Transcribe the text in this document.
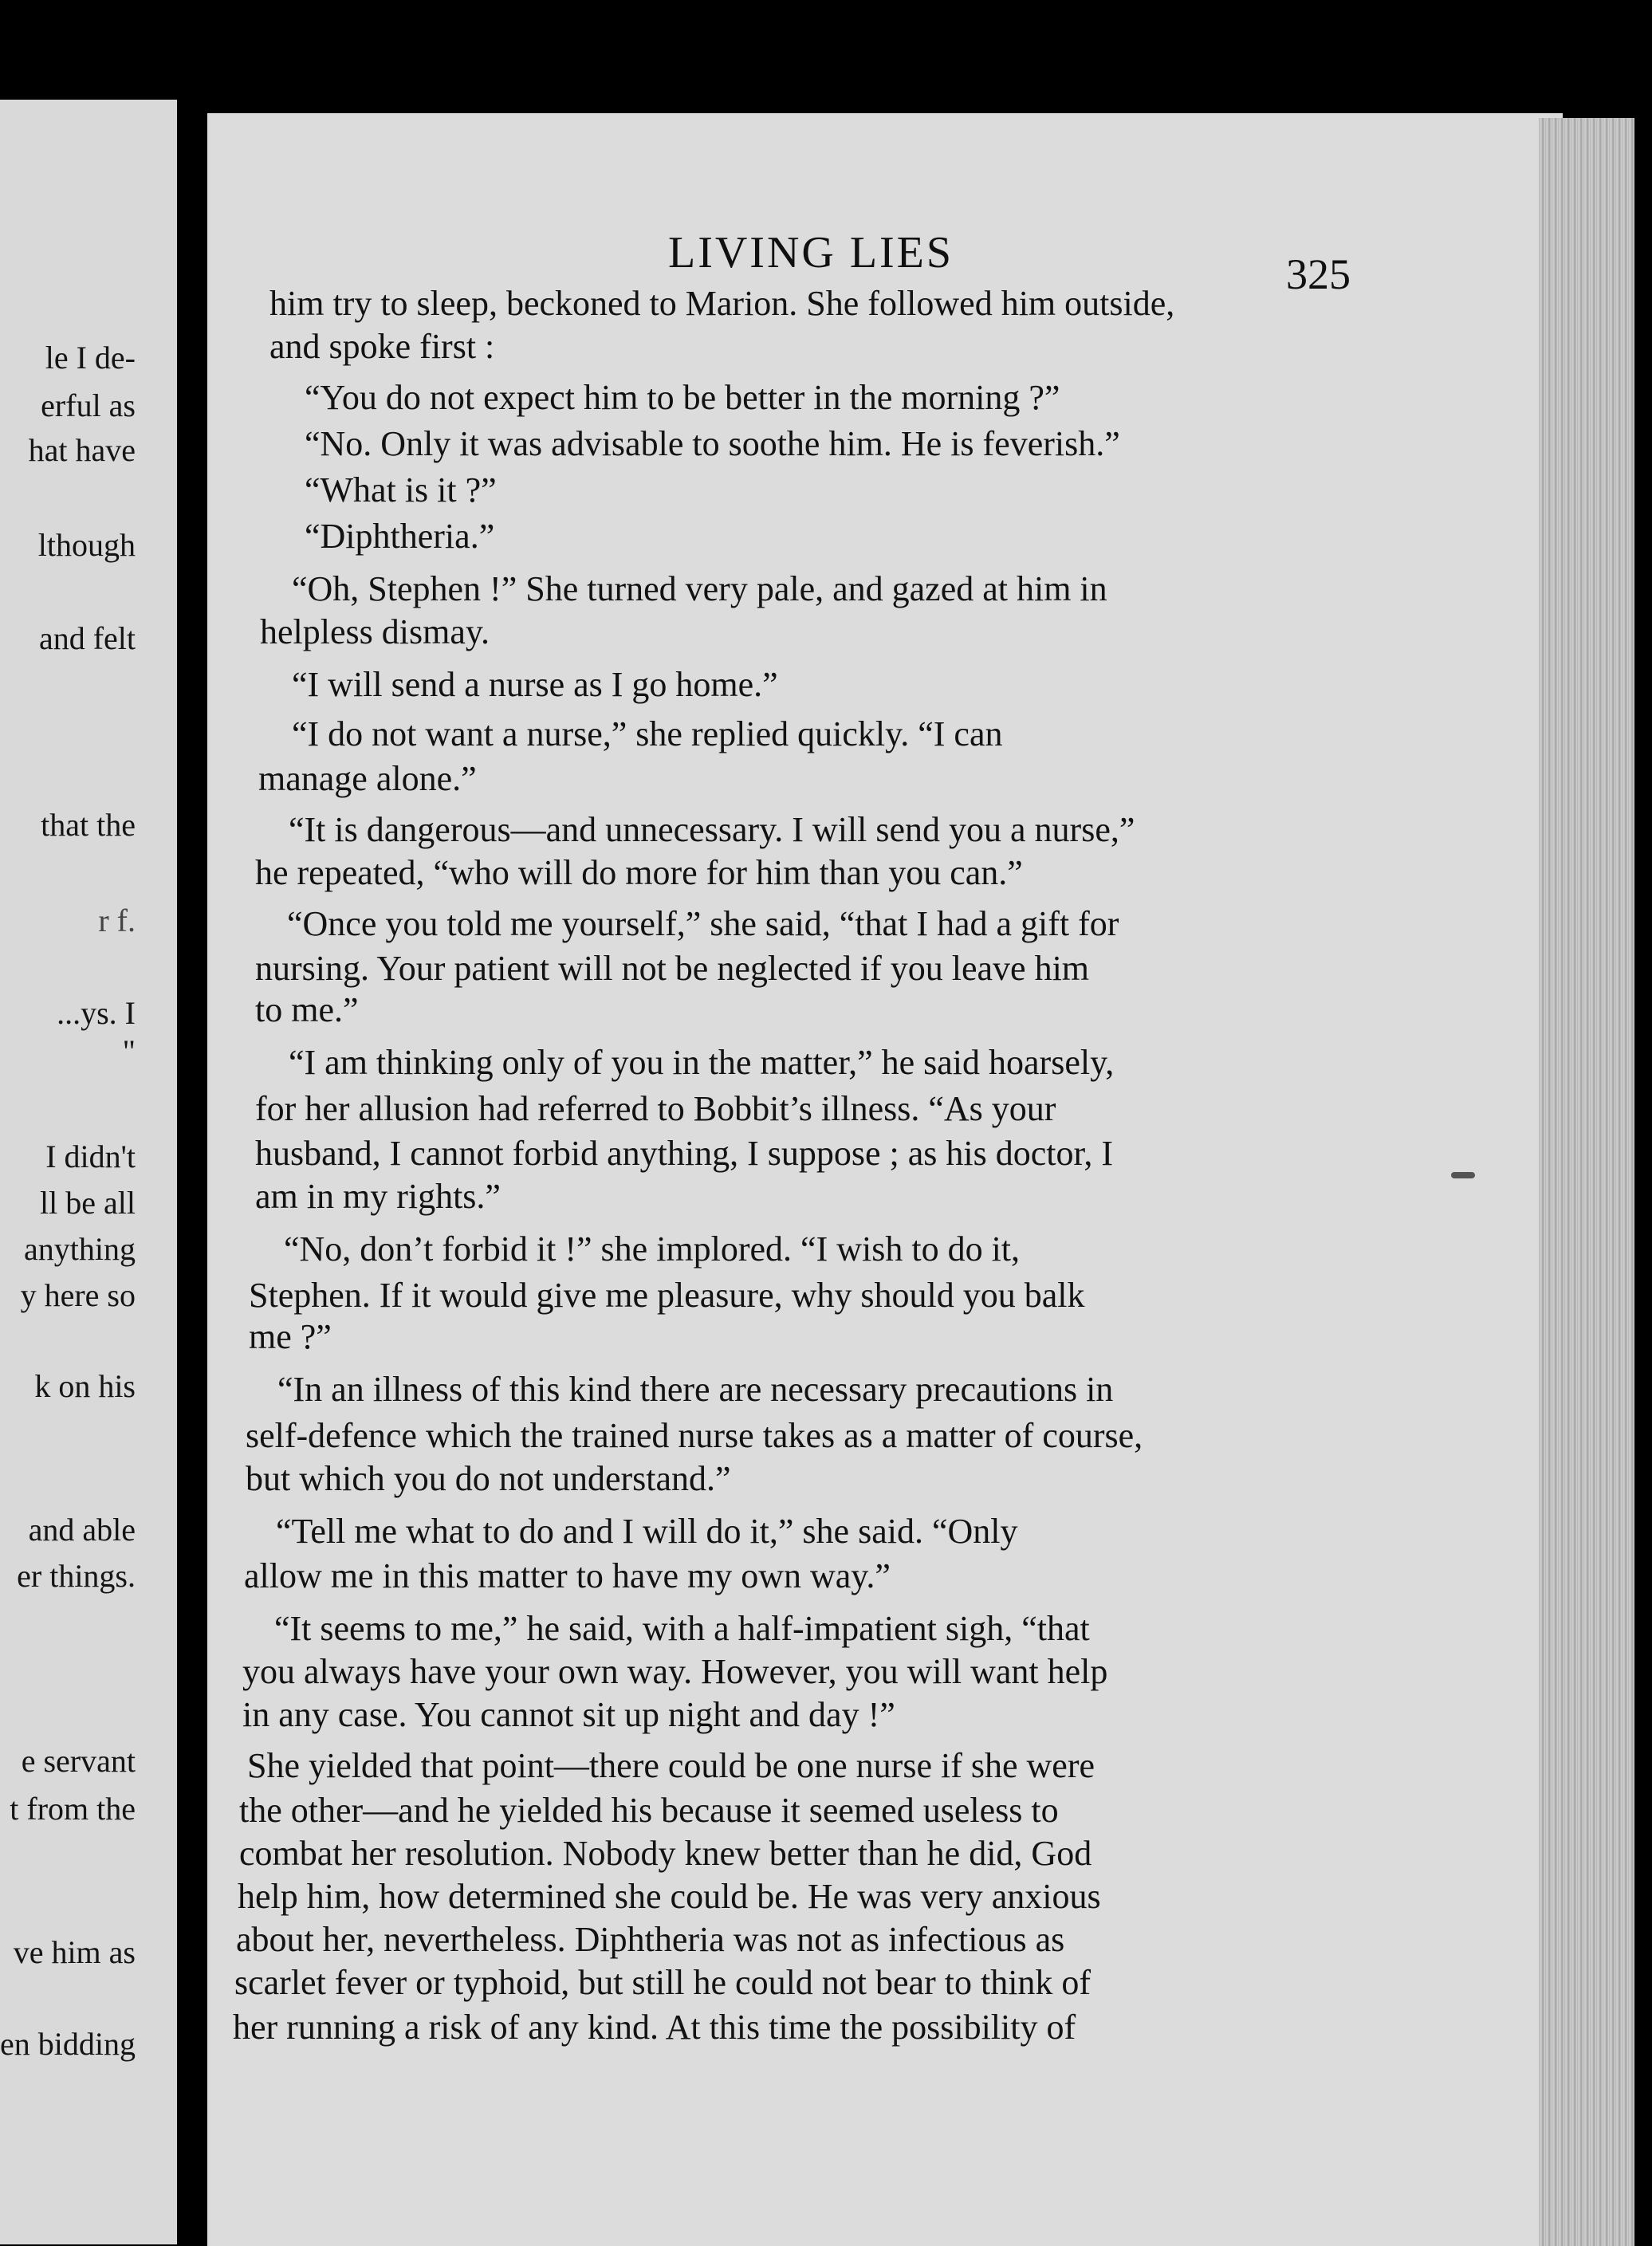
le I de-
erful as
hat have
lthough
and felt
that the
r f.
...ys. I
"
I didn't
ll be all
anything
y here so
k on his
and able
er things.
e servant
t from the
ve him as
en bidding
LIVING LIES	325
him try to sleep, beckoned to Marion. She followed him outside,
and spoke first :
“You do not expect him to be better in the morning ?”
“No. Only it was advisable to soothe him. He is feverish.”
“What is it ?”
“Diphtheria.”
“Oh, Stephen !” She turned very pale, and gazed at him in
helpless dismay.
“I will send a nurse as I go home.”
“I do not want a nurse,” she replied quickly. “I can
manage alone.”
“It is dangerous—and unnecessary. I will send you a nurse,”
he repeated, “who will do more for him than you can.”
“Once you told me yourself,” she said, “that I had a gift for
nursing. Your patient will not be neglected if you leave him
to me.”
“I am thinking only of you in the matter,” he said hoarsely,
for her allusion had referred to Bobbit’s illness. “As your
husband, I cannot forbid anything, I suppose ; as his doctor, I
am in my rights.”
“No, don’t forbid it !” she implored. “I wish to do it,
Stephen. If it would give me pleasure, why should you balk
me ?”
“In an illness of this kind there are necessary precautions in
self-defence which the trained nurse takes as a matter of course,
but which you do not understand.”
“Tell me what to do and I will do it,” she said. “Only
allow me in this matter to have my own way.”
“It seems to me,” he said, with a half-impatient sigh, “that
you always have your own way. However, you will want help
in any case. You cannot sit up night and day !”
She yielded that point—there could be one nurse if she were
the other—and he yielded his because it seemed useless to
combat her resolution. Nobody knew better than he did, God
help him, how determined she could be. He was very anxious
about her, nevertheless. Diphtheria was not as infectious as
scarlet fever or typhoid, but still he could not bear to think of
her running a risk of any kind. At this time the possibility of
